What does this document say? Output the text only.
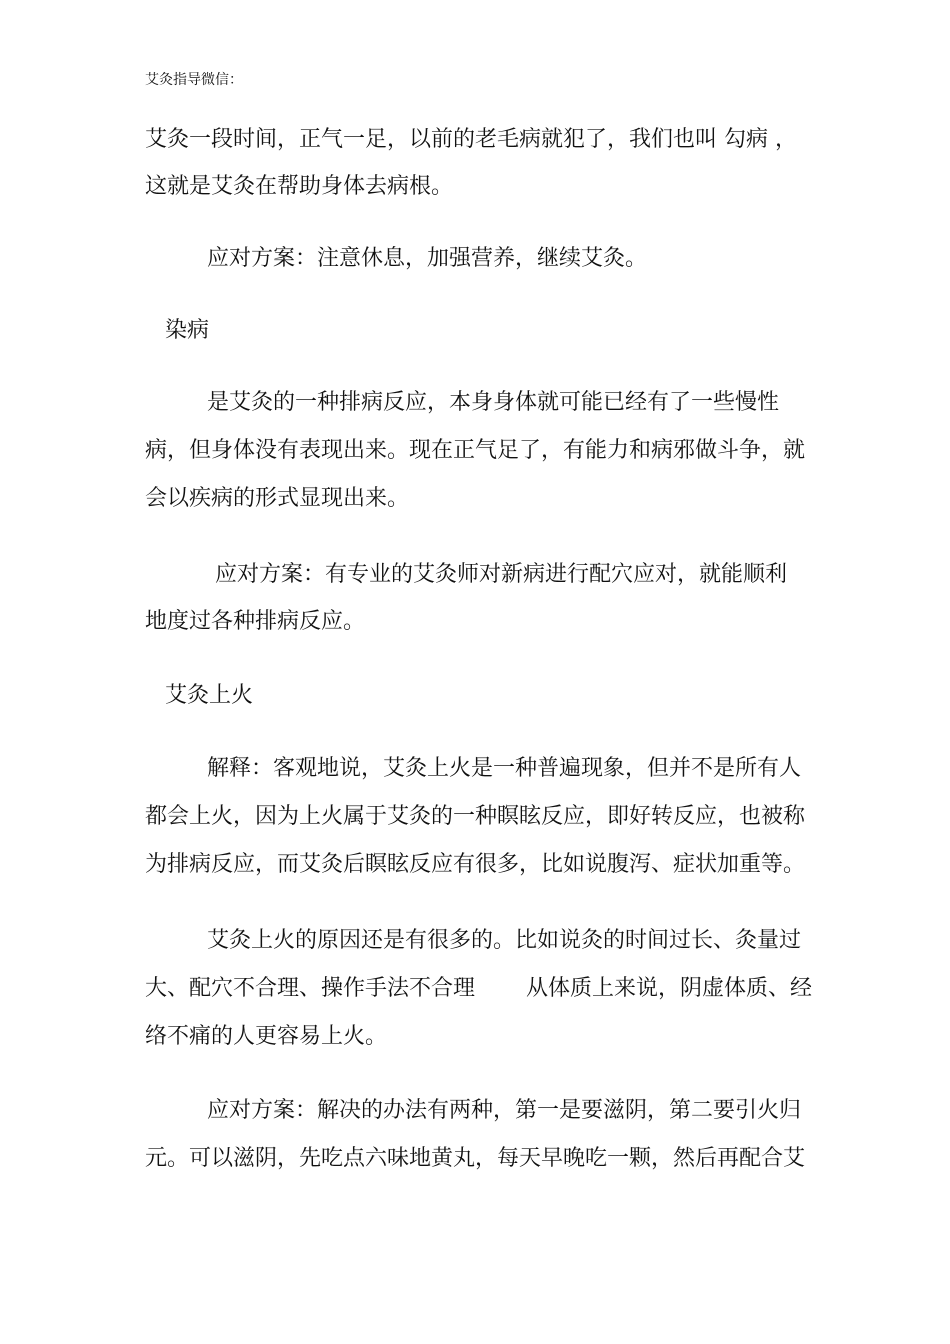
艾灸指导微信：
艾灸一段时间，正气一足，以前的老毛病就犯了，我们也叫 勾病 ，
这就是艾灸在帮助身体去病根。
应对方案：注意休息，加强营养，继续艾灸。
染病
是艾灸的一种排病反应，本身身体就可能已经有了一些慢性
病，但身体没有表现出来。现在正气足了，有能力和病邪做斗争，就
会以疾病的形式显现出来。
应对方案：有专业的艾灸师对新病进行配穴应对，就能顺利
地度过各种排病反应。
艾灸上火
解释：客观地说，艾灸上火是一种普遍现象，但并不是所有人
都会上火，因为上火属于艾灸的一种瞑眩反应，即好转反应，也被称
为排病反应，而艾灸后瞑眩反应有很多，比如说腹泻、症状加重等。
艾灸上火的原因还是有很多的。比如说灸的时间过长、灸量过
大、配穴不合理、操作手法不合理 　　从体质上来说，阴虚体质、经
络不痛的人更容易上火。
应对方案：解决的办法有两种，第一是要滋阴，第二要引火归
元。可以滋阴，先吃点六味地黄丸，每天早晚吃一颗，然后再配合艾
